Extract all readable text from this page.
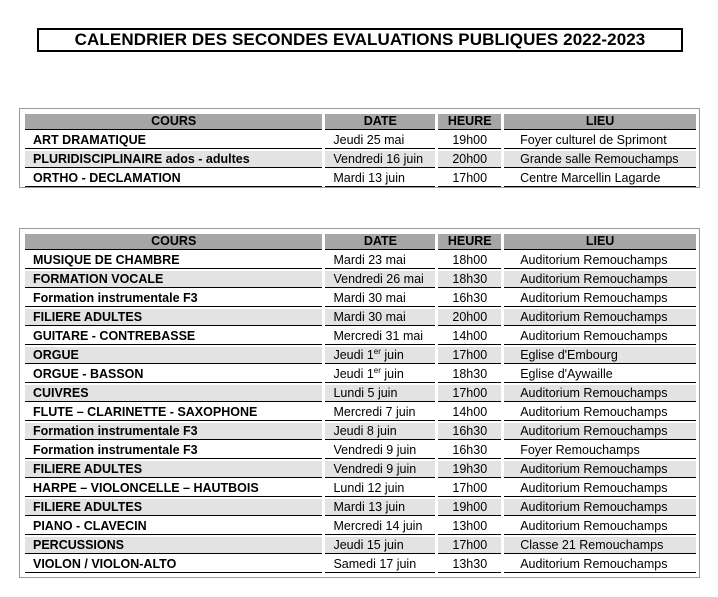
CALENDRIER DES SECONDES EVALUATIONS PUBLIQUES 2022-2023
COURS	DATE	HEURE	LIEU
ART DRAMATIQUE	Jeudi 25 mai	19h00	Foyer culturel de Sprimont
PLURIDISCIPLINAIRE ados - adultes	Vendredi 16 juin	20h00	Grande salle Remouchamps
ORTHO - DECLAMATION	Mardi 13 juin	17h00	Centre Marcellin Lagarde
COURS	DATE	HEURE	LIEU
MUSIQUE DE CHAMBRE	Mardi 23 mai	18h00	Auditorium Remouchamps
FORMATION VOCALE	Vendredi 26 mai	18h30	Auditorium Remouchamps
Formation instrumentale F3	Mardi 30 mai	16h30	Auditorium Remouchamps
FILIERE ADULTES	Mardi 30 mai	20h00	Auditorium Remouchamps
GUITARE - CONTREBASSE	Mercredi 31 mai	14h00	Auditorium Remouchamps
ORGUE	Jeudi 1er juin	17h00	Eglise d'Embourg
ORGUE - BASSON	Jeudi 1er juin	18h30	Eglise d'Aywaille
CUIVRES	Lundi 5 juin	17h00	Auditorium Remouchamps
FLUTE – CLARINETTE - SAXOPHONE	Mercredi 7 juin	14h00	Auditorium Remouchamps
Formation instrumentale F3	Jeudi 8 juin	16h30	Auditorium Remouchamps
Formation instrumentale F3	Vendredi 9 juin	16h30	Foyer Remouchamps
FILIERE ADULTES	Vendredi 9 juin	19h30	Auditorium Remouchamps
HARPE – VIOLONCELLE – HAUTBOIS	Lundi 12 juin	17h00	Auditorium Remouchamps
FILIERE ADULTES	Mardi 13 juin	19h00	Auditorium Remouchamps
PIANO - CLAVECIN	Mercredi 14 juin	13h00	Auditorium Remouchamps
PERCUSSIONS	Jeudi 15 juin	17h00	Classe 21 Remouchamps
VIOLON / VIOLON-ALTO	Samedi 17 juin	13h30	Auditorium Remouchamps
